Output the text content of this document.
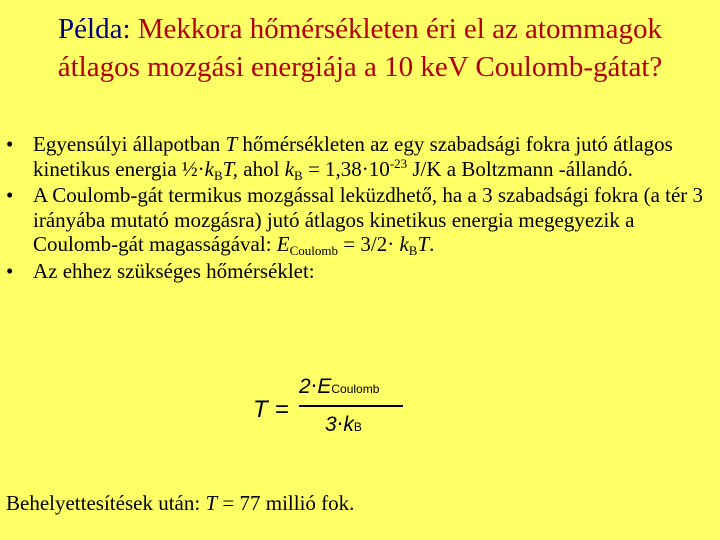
Példa: Mekkora hőmérsékleten éri el az atommagok átlagos mozgási energiája a 10 keV Coulomb-gátat?
• Egyensúlyi állapotban T hőmérsékleten az egy szabadsági fokra jutó átlagos kinetikus energia $\frac{1}{2}\cdot k_BT$, ahol $k_B = 1,38\cdot 10^{-23}$ J/K a Boltzmann -állandó.
• A Coulomb-gát termikus mozgással leküzdhető, ha a 3 szabadsági fokra (a tér 3 irányába mutató mozgásra) jutó átlagos kinetikus energia megegyezik a Coulomb-gát magasságával: $E_{Coulomb} = 3/2\cdot k_BT$.
• Az ehhez szükséges hőmérséklet:
T =
2⋅ECoulomb
3⋅kB
Behelyettesítések után: T = 77 millió fok.
